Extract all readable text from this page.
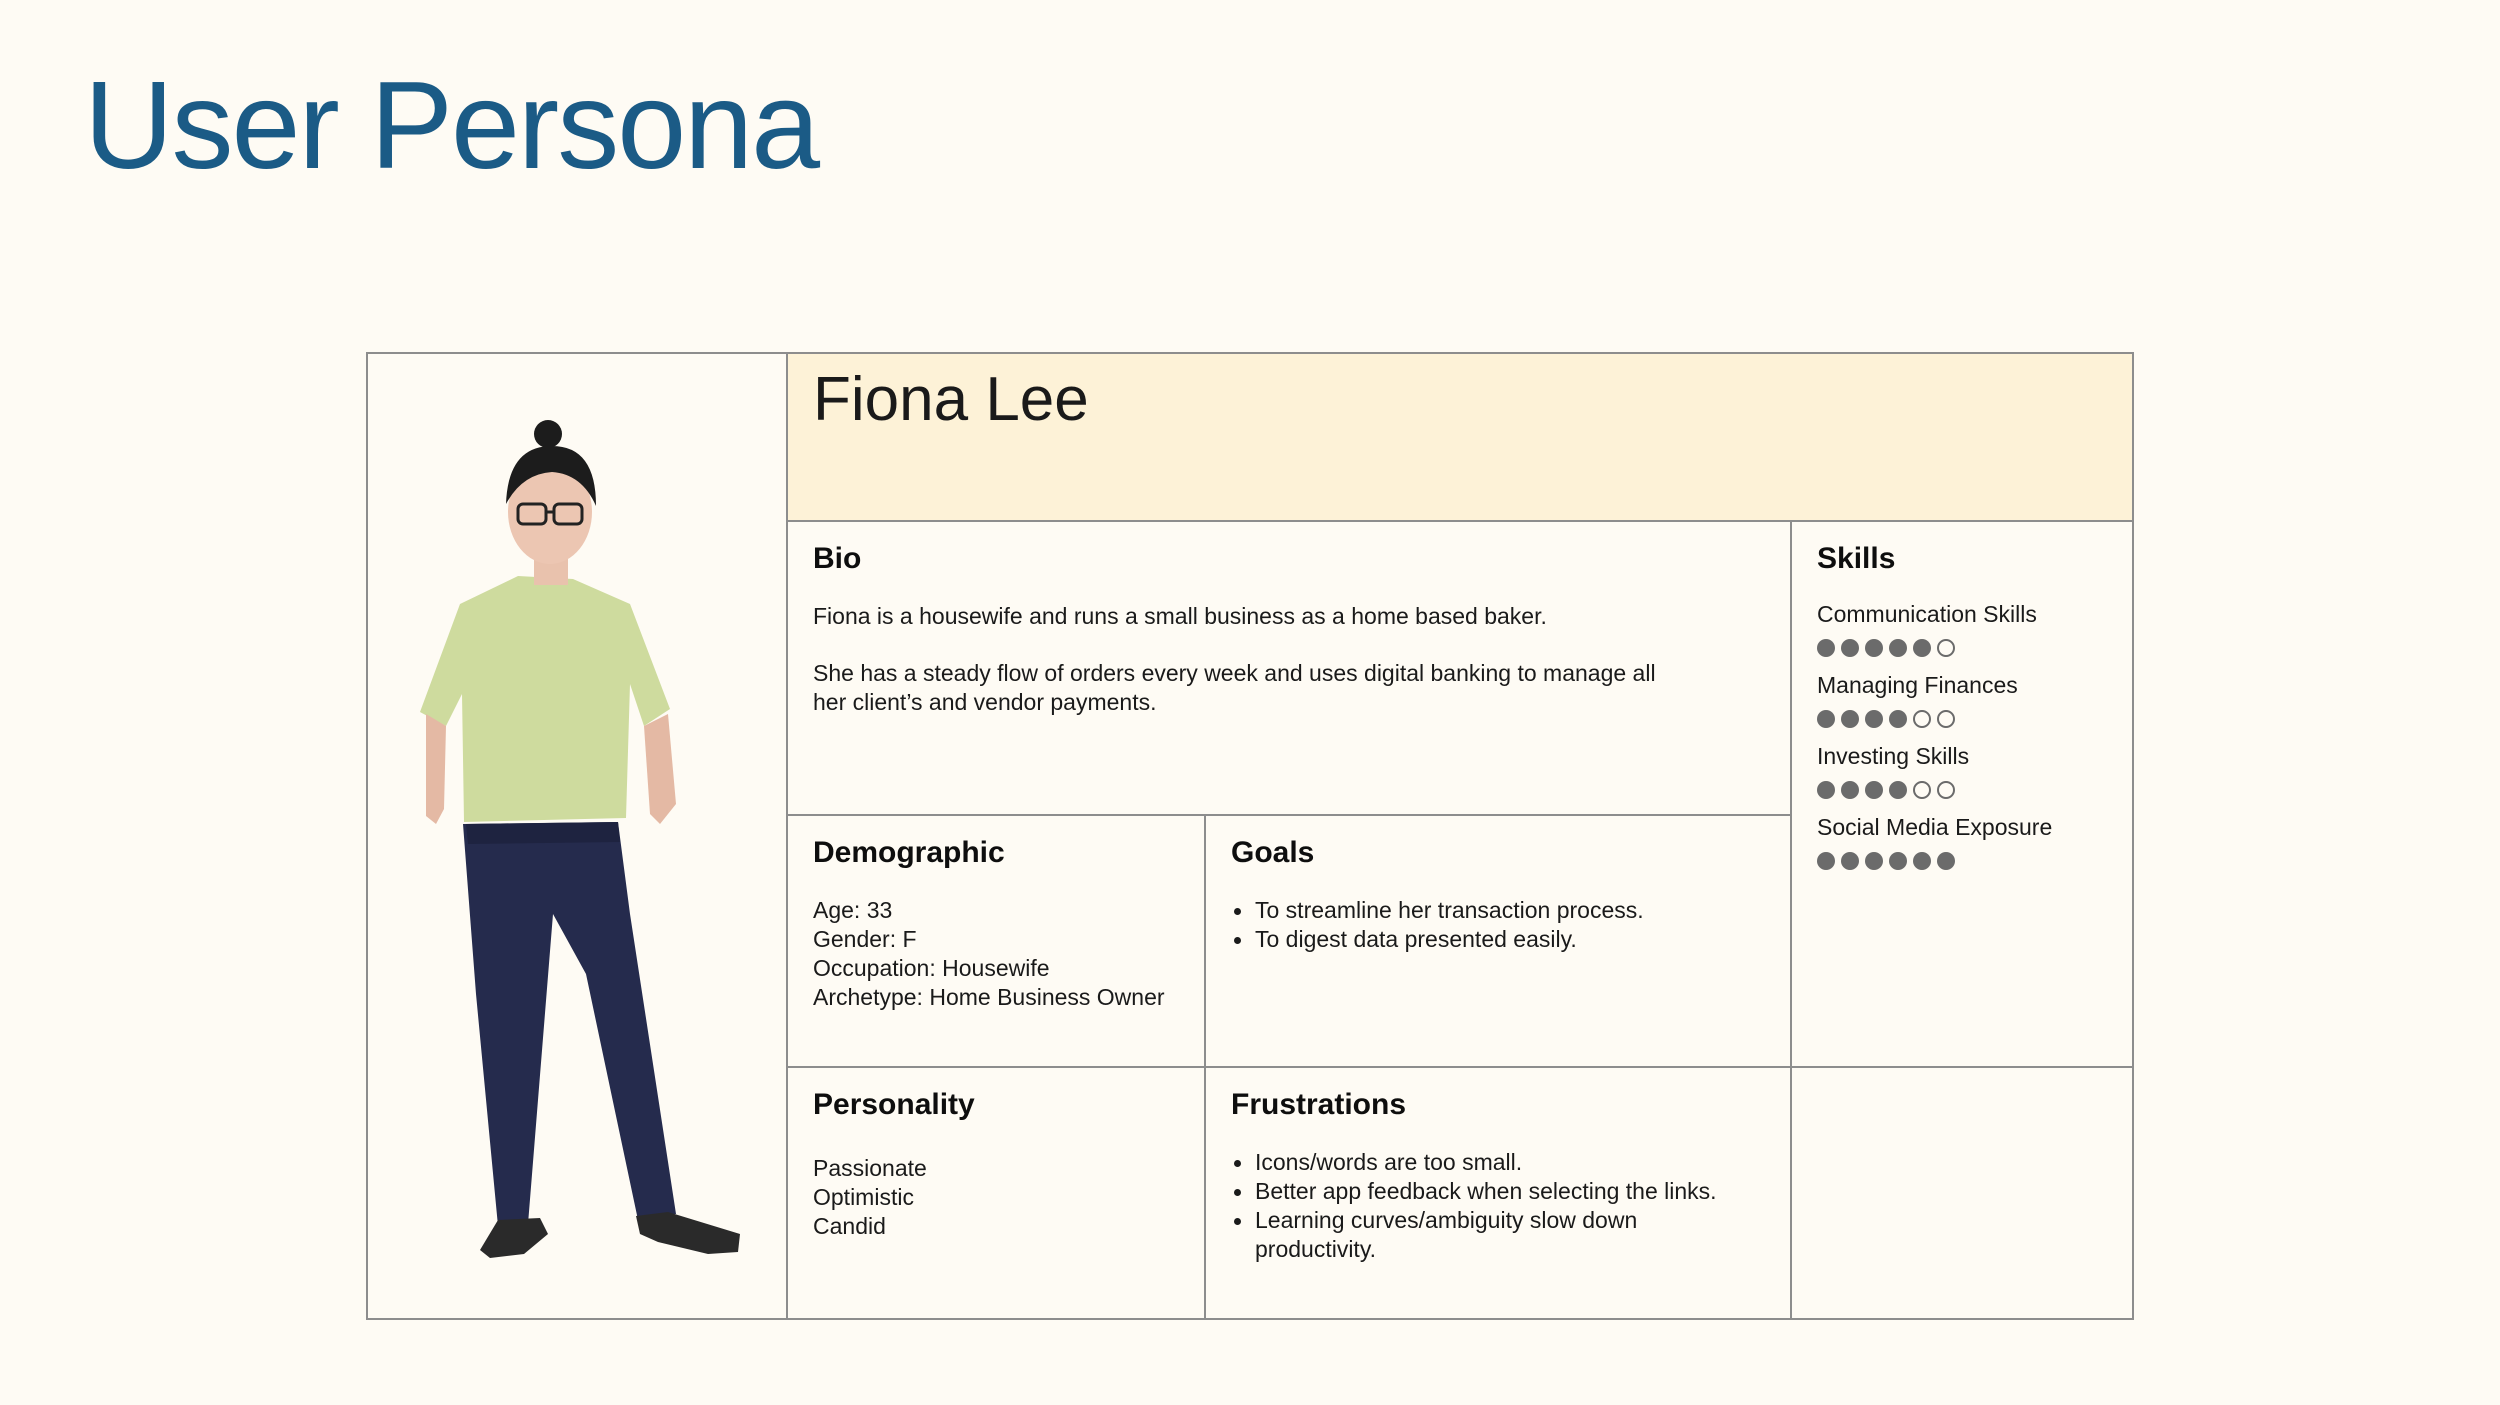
User Persona
Fiona Lee
Bio

Fiona is a housewife and runs a small business as a home based baker.

She has a steady flow of orders every week and uses digital banking to manage all her client’s and vendor payments.

Skills
Communication Skills
Managing Finances
Investing Skills
Social Media Exposure
Demographic
Age: 33
Gender: F
Occupation: Housewife
Archetype: Home Business Owner
Goals
To streamline her transaction process.
To digest data presented easily.
Personality
Passionate
Optimistic
Candid
Frustrations
Icons/words are too small.
Better app feedback when selecting the links.
Learning curves/ambiguity slow down productivity.
